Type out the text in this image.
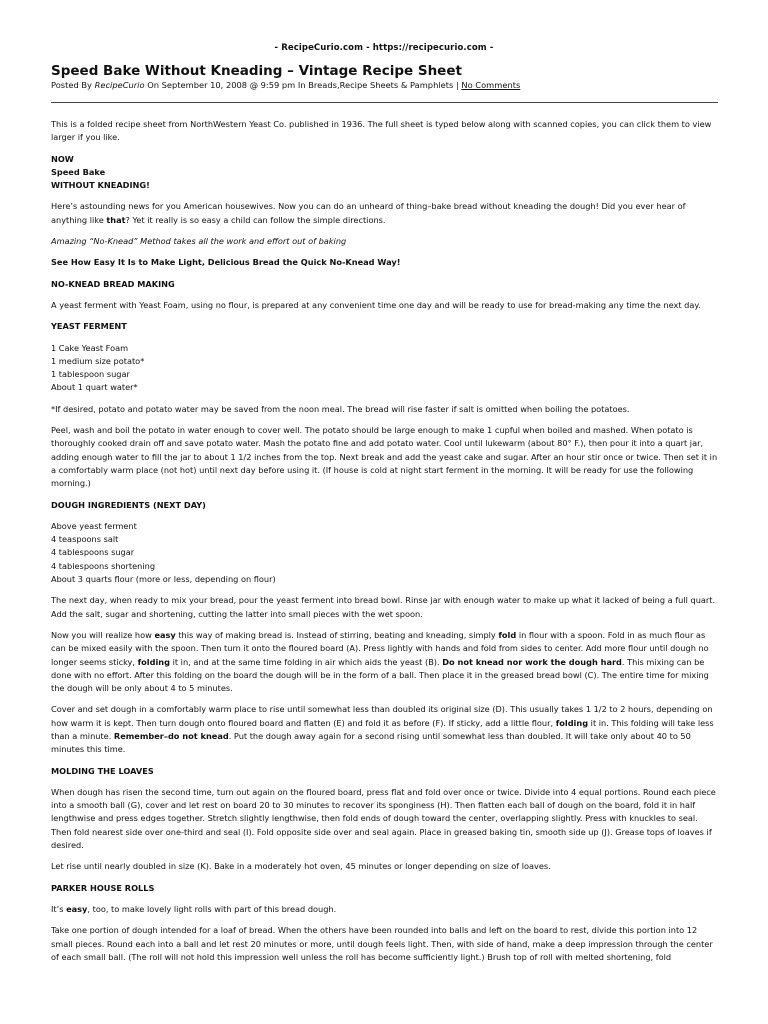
- RecipeCurio.com - https://recipecurio.com -
Speed Bake Without Kneading – Vintage Recipe Sheet
Posted By RecipeCurio On September 10, 2008 @ 9:59 pm In Breads,Recipe Sheets & Pamphlets | No Comments

This is a folded recipe sheet from NorthWestern Yeast Co. published in 1936. The full sheet is typed below along with scanned copies, you can click them to view larger if you like.

NOW
Speed Bake
WITHOUT KNEADING!

Here’s astounding news for you American housewives. Now you can do an unheard of thing–bake bread without kneading the dough! Did you ever hear of anything like that? Yet it really is so easy a child can follow the simple directions.

Amazing “No-Knead” Method takes all the work and effort out of baking

See How Easy It Is to Make Light, Delicious Bread the Quick No-Knead Way!

NO-KNEAD BREAD MAKING

A yeast ferment with Yeast Foam, using no flour, is prepared at any convenient time one day and will be ready to use for bread-making any time the next day.

YEAST FERMENT
1 Cake Yeast Foam
1 medium size potato*
1 tablespoon sugar
About 1 quart water*

*If desired, potato and potato water may be saved from the noon meal. The bread will rise faster if salt is omitted when boiling the potatoes.

Peel, wash and boil the potato in water enough to cover well. The potato should be large enough to make 1 cupful when boiled and mashed. When potato is thoroughly cooked drain off and save potato water. Mash the potato fine and add potato water. Cool until lukewarm (about 80° F.), then pour it into a quart jar, adding enough water to fill the jar to about 1 1/2 inches from the top. Next break and add the yeast cake and sugar. After an hour stir once or twice. Then set it in a comfortably warm place (not hot) until next day before using it. (If house is cold at night start ferment in the morning. It will be ready for use the following morning.)

DOUGH INGREDIENTS (NEXT DAY)
Above yeast ferment
4 teaspoons salt
4 tablespoons sugar
4 tablespoons shortening
About 3 quarts flour (more or less, depending on flour)

The next day, when ready to mix your bread, pour the yeast ferment into bread bowl. Rinse jar with enough water to make up what it lacked of being a full quart. Add the salt, sugar and shortening, cutting the latter into small pieces with the wet spoon.

Now you will realize how easy this way of making bread is. Instead of stirring, beating and kneading, simply fold in flour with a spoon. Fold in as much flour as can be mixed easily with the spoon. Then turn it onto the floured board (A). Press lightly with hands and fold from sides to center. Add more flour until dough no longer seems sticky, folding it in, and at the same time folding in air which aids the yeast (B). Do not knead nor work the dough hard. This mixing can be done with no effort. After this folding on the board the dough will be in the form of a ball. Then place it in the greased bread bowl (C). The entire time for mixing the dough will be only about 4 to 5 minutes.

Cover and set dough in a comfortably warm place to rise until somewhat less than doubled its original size (D). This usually takes 1 1/2 to 2 hours, depending on how warm it is kept. Then turn dough onto floured board and flatten (E) and fold it as before (F). If sticky, add a little flour, folding it in. This folding will take less than a minute. Remember–do not knead. Put the dough away again for a second rising until somewhat less than doubled. It will take only about 40 to 50 minutes this time.

MOLDING THE LOAVES

When dough has risen the second time, turn out again on the floured board, press flat and fold over once or twice. Divide into 4 equal portions. Round each piece into a smooth ball (G), cover and let rest on board 20 to 30 minutes to recover its sponginess (H). Then flatten each ball of dough on the board, fold it in half lengthwise and press edges together. Stretch slightly lengthwise, then fold ends of dough toward the center, overlapping slightly. Press with knuckles to seal. Then fold nearest side over one-third and seal (I). Fold opposite side over and seal again. Place in greased baking tin, smooth side up (J). Grease tops of loaves if desired.

Let rise until nearly doubled in size (K). Bake in a moderately hot oven, 45 minutes or longer depending on size of loaves.

PARKER HOUSE ROLLS

It’s easy, too, to make lovely light rolls with part of this bread dough.

Take one portion of dough intended for a loaf of bread. When the others have been rounded into balls and left on the board to rest, divide this portion into 12 small pieces. Round each into a ball and let rest 20 minutes or more, until dough feels light. Then, with side of hand, make a deep impression through the center of each small ball. (The roll will not hold this impression well unless the roll has become sufficiently light.) Brush top of roll with melted shortening, fold
